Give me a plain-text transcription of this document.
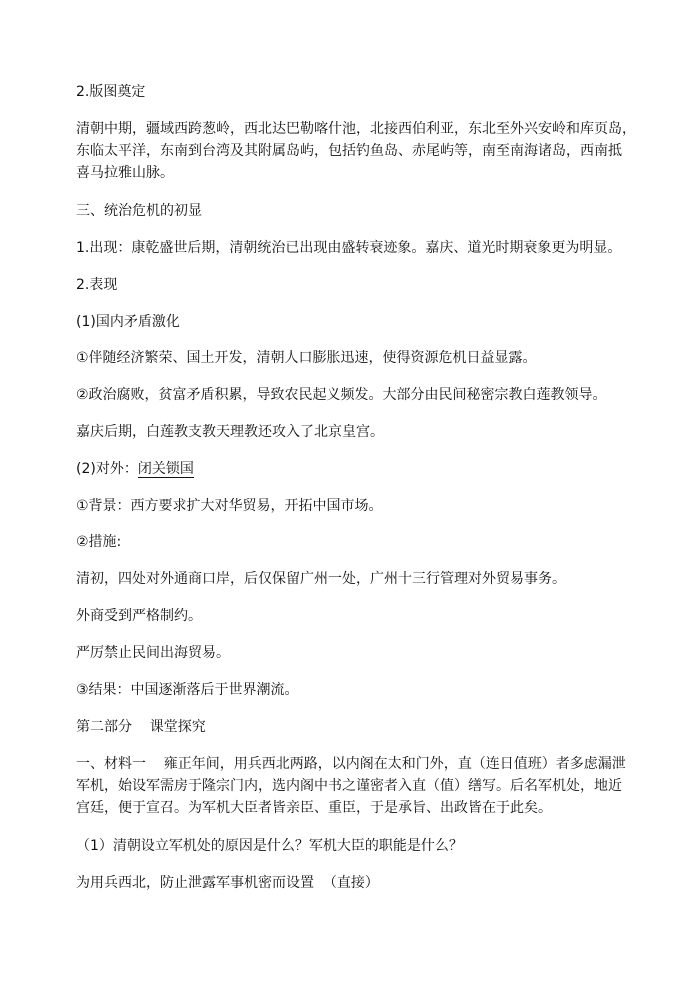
2.版图奠定
清朝中期，疆域西跨葱岭，西北达巴勒喀什池，北接西伯利亚，东北至外兴安岭和库页岛，
东临太平洋，东南到台湾及其附属岛屿，包括钓鱼岛、赤尾屿等，南至南海诸岛，西南抵
喜马拉雅山脉。
三、统治危机的初显
1.出现：康乾盛世后期，清朝统治已出现由盛转衰迹象。嘉庆、道光时期衰象更为明显。
2.表现
(1)国内矛盾激化
①伴随经济繁荣、国土开发，清朝人口膨胀迅速，使得资源危机日益显露。
②政治腐败，贫富矛盾积累，导致农民起义频发。大部分由民间秘密宗教白莲教领导。
嘉庆后期，白莲教支教天理教还攻入了北京皇宫。
(2)对外：闭关锁国
①背景：西方要求扩大对华贸易，开拓中国市场。
②措施:
清初，四处对外通商口岸，后仅保留广州一处，广州十三行管理对外贸易事务。
外商受到严格制约。
严厉禁止民间出海贸易。
③结果：中国逐渐落后于世界潮流。
第二部分    课堂探究
一、材料一    雍正年间，用兵西北两路，以内阁在太和门外，直（连日值班）者多虑漏泄
军机，始设军需房于隆宗门内，选内阁中书之谨密者入直（值）缮写。后名军机处，地近
宫廷，便于宣召。为军机大臣者皆亲臣、重臣，于是承旨、出政皆在于此矣。
（1）清朝设立军机处的原因是什么？军机大臣的职能是什么？
为用兵西北，防止泄露军事机密而设置  （直接）
